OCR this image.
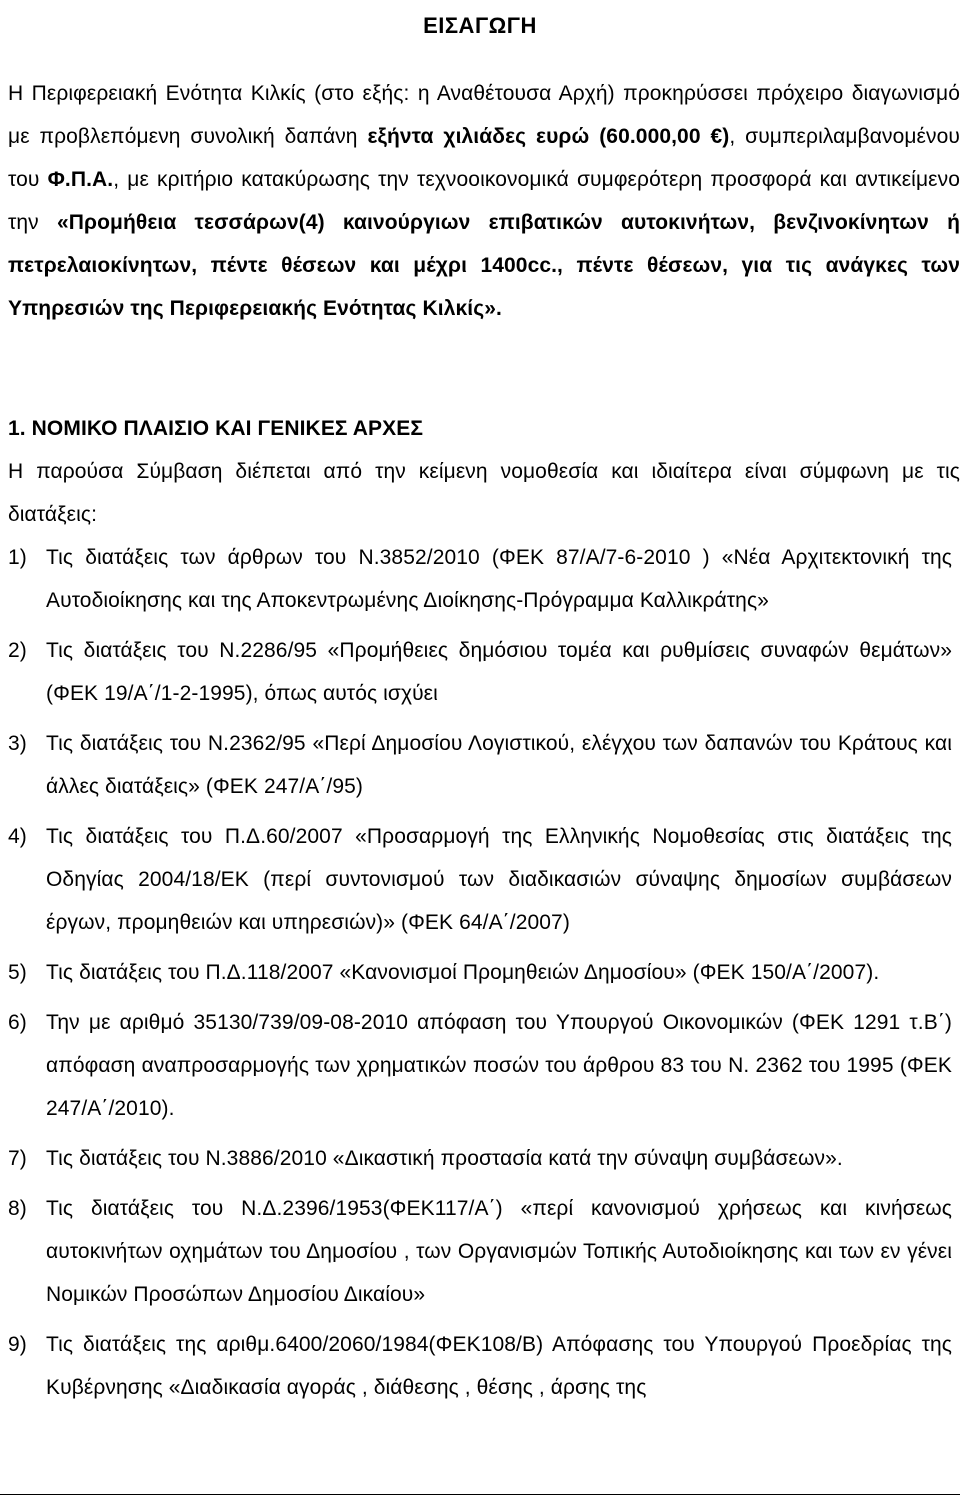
ΕΙΣΑΓΩΓΗ

Η Περιφερειακή Ενότητα Κιλκίς (στο εξής: η Αναθέτουσα Αρχή) προκηρύσσει πρόχειρο διαγωνισμό με προβλεπόμενη συνολική δαπάνη εξήντα χιλιάδες ευρώ (60.000,00 €), συμπεριλαμβανομένου του Φ.Π.Α., με κριτήριο κατακύρωσης την τεχνοοικονομικά συμφερότερη προσφορά και αντικείμενο την «Προμήθεια τεσσάρων(4) καινούργιων επιβατικών αυτοκινήτων, βενζινοκίνητων ή πετρελαιοκίνητων, πέντε θέσεων και μέχρι 1400cc., πέντε θέσεων, για τις ανάγκες των Υπηρεσιών της Περιφερειακής Ενότητας Κιλκίς».

1. ΝΟΜΙΚΟ ΠΛΑΙΣΙΟ ΚΑΙ ΓΕΝΙΚΕΣ ΑΡΧΕΣ

Η παρούσα Σύμβαση διέπεται από την κείμενη νομοθεσία και ιδιαίτερα είναι σύμφωνη με τις διατάξεις:

1) Τις διατάξεις των άρθρων του Ν.3852/2010 (ΦΕΚ 87/Α/7-6-2010 ) «Νέα Αρχιτεκτονική της Αυτοδιοίκησης και της Αποκεντρωμένης Διοίκησης-Πρόγραμμα Καλλικράτης»
2) Τις διατάξεις του Ν.2286/95 «Προμήθειες δημόσιου τομέα και ρυθμίσεις συναφών θεμάτων» (ΦΕΚ 19/Α΄/1-2-1995), όπως αυτός ισχύει
3) Τις διατάξεις του Ν.2362/95 «Περί Δημοσίου Λογιστικού, ελέγχου των δαπανών του Κράτους και άλλες διατάξεις» (ΦΕΚ 247/Α΄/95)
4) Τις διατάξεις του Π.Δ.60/2007 «Προσαρμογή της Ελληνικής Νομοθεσίας στις διατάξεις της Οδηγίας 2004/18/ΕΚ (περί συντονισμού των διαδικασιών σύναψης δημοσίων συμβάσεων έργων, προμηθειών και υπηρεσιών)» (ΦΕΚ 64/Α΄/2007)
5) Τις διατάξεις του Π.Δ.118/2007 «Κανονισμοί Προμηθειών Δημοσίου» (ΦΕΚ 150/Α΄/2007).
6) Την με αριθμό 35130/739/09-08-2010 απόφαση του Υπουργού Οικονομικών (ΦΕΚ 1291 τ.Β΄) απόφαση αναπροσαρμογής των χρηματικών ποσών του άρθρου 83 του Ν. 2362 του 1995 (ΦΕΚ 247/Α΄/2010).
7) Τις διατάξεις του Ν.3886/2010 «Δικαστική προστασία κατά την σύναψη συμβάσεων».
8) Τις διατάξεις του Ν.Δ.2396/1953(ΦΕΚ117/Α΄) «περί κανονισμού χρήσεως και κινήσεως αυτοκινήτων οχημάτων του Δημοσίου , των Οργανισμών Τοπικής Αυτοδιοίκησης και των εν γένει Νομικών Προσώπων Δημοσίου Δικαίου»
9) Τις διατάξεις της αριθμ.6400/2060/1984(ΦΕΚ108/Β) Απόφασης του Υπουργού Προεδρίας της Κυβέρνησης «Διαδικασία αγοράς , διάθεσης , θέσης , άρσης της
